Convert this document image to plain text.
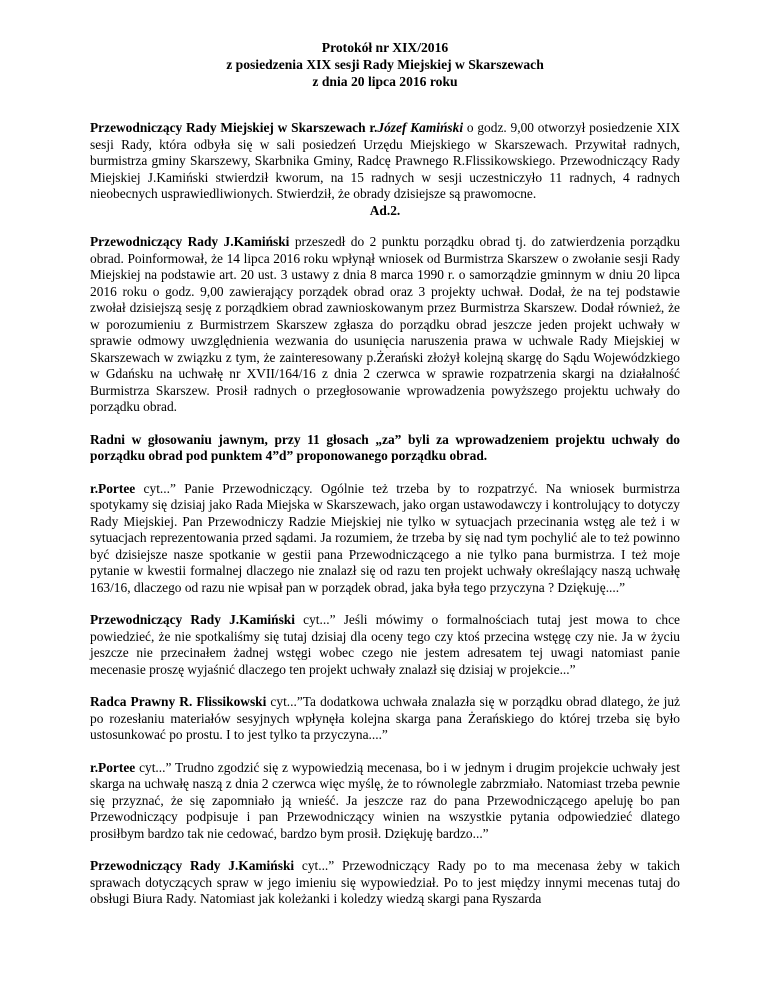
Protokół nr XIX/2016
z posiedzenia XIX sesji Rady Miejskiej w Skarszewach
z dnia 20 lipca 2016 roku

Przewodniczący Rady Miejskiej w Skarszewach r.Józef Kamiński o godz. 9,00 otworzył posiedzenie XIX sesji Rady, która odbyła się w sali posiedzeń Urzędu Miejskiego w Skarszewach. Przywitał radnych, burmistrza gminy Skarszewy, Skarbnika Gminy, Radcę Prawnego R.Flissikowskiego. Przewodniczący Rady Miejskiej J.Kamiński stwierdził kworum, na 15 radnych w sesji uczestniczyło 11 radnych, 4 radnych nieobecnych usprawiedliwionych. Stwierdził, że obrady dzisiejsze są prawomocne.

Ad.2.

Przewodniczący Rady J.Kamiński przeszedł do 2 punktu porządku obrad tj. do zatwierdzenia porządku obrad. Poinformował, że 14 lipca 2016 roku wpłynął wniosek od Burmistrza Skarszew o zwołanie sesji Rady Miejskiej na podstawie art. 20 ust. 3 ustawy z dnia 8 marca 1990 r. o samorządzie gminnym w dniu 20 lipca 2016 roku o godz. 9,00 zawierający porządek obrad oraz 3 projekty uchwał. Dodał, że na tej podstawie zwołał dzisiejszą sesję z porządkiem obrad zawnioskowanym przez Burmistrza Skarszew. Dodał również, że w porozumieniu z Burmistrzem Skarszew zgłasza do porządku obrad jeszcze jeden projekt uchwały w sprawie odmowy uwzględnienia wezwania do usunięcia naruszenia prawa w uchwale Rady Miejskiej w Skarszewach w związku z tym, że zainteresowany p.Żerański złożył kolejną skargę do Sądu Wojewódzkiego w Gdańsku na uchwałę nr XVII/164/16 z dnia 2 czerwca w sprawie rozpatrzenia skargi na działalność Burmistrza Skarszew. Prosił radnych o przegłosowanie wprowadzenia powyższego projektu uchwały do porządku obrad.

Radni w głosowaniu jawnym, przy 11 głosach „za” byli za wprowadzeniem projektu uchwały do porządku obrad pod punktem 4”d” proponowanego porządku obrad.

r.Portee cyt...” Panie Przewodniczący. Ogólnie też trzeba by to rozpatrzyć. Na wniosek burmistrza spotykamy się dzisiaj jako Rada Miejska w Skarszewach, jako organ ustawodawczy i kontrolujący to dotyczy Rady Miejskiej. Pan Przewodniczy Radzie Miejskiej nie tylko w sytuacjach przecinania wstęg ale też i w sytuacjach reprezentowania przed sądami. Ja rozumiem, że trzeba by się nad tym pochylić ale to też powinno być dzisiejsze nasze spotkanie w gestii pana Przewodniczącego a nie tylko pana burmistrza. I też moje pytanie w kwestii formalnej dlaczego nie znalazł się od razu ten projekt uchwały określający naszą uchwałę 163/16, dlaczego od razu nie wpisał pan w porządek obrad, jaka była tego przyczyna ? Dziękuję....”

Przewodniczący Rady J.Kamiński cyt...” Jeśli mówimy o formalnościach tutaj jest mowa to chce powiedzieć, że nie spotkaliśmy się tutaj dzisiaj dla oceny tego czy ktoś przecina wstęgę czy nie. Ja w życiu jeszcze nie przecinałem żadnej wstęgi wobec czego nie jestem adresatem tej uwagi natomiast panie mecenasie proszę wyjaśnić dlaczego ten projekt uchwały znalazł się dzisiaj w projekcie...”

Radca Prawny R. Flissikowski cyt...”Ta dodatkowa uchwała znalazła się w porządku obrad dlatego, że już po rozesłaniu materiałów sesyjnych wpłynęła kolejna skarga pana Żerańskiego do której trzeba się było ustosunkować po prostu. I to jest tylko ta przyczyna....”

r.Portee cyt...” Trudno zgodzić się z wypowiedzią mecenasa, bo i w jednym i drugim projekcie uchwały jest skarga na uchwałę naszą z dnia 2 czerwca więc myślę, że to równolegle zabrzmiało. Natomiast trzeba pewnie się przyznać, że się zapomniało ją wnieść. Ja jeszcze raz do pana Przewodniczącego apeluję bo pan Przewodniczący podpisuje i pan Przewodniczący winien na wszystkie pytania odpowiedzieć dlatego prosiłbym bardzo tak nie cedować, bardzo bym prosił. Dziękuję bardzo...”

Przewodniczący Rady J.Kamiński cyt...” Przewodniczący Rady po to ma mecenasa żeby w takich sprawach dotyczących spraw w jego imieniu się wypowiedział. Po to jest między innymi mecenas tutaj do obsługi Biura Rady. Natomiast jak koleżanki i koledzy wiedzą skargi pana Ryszarda
